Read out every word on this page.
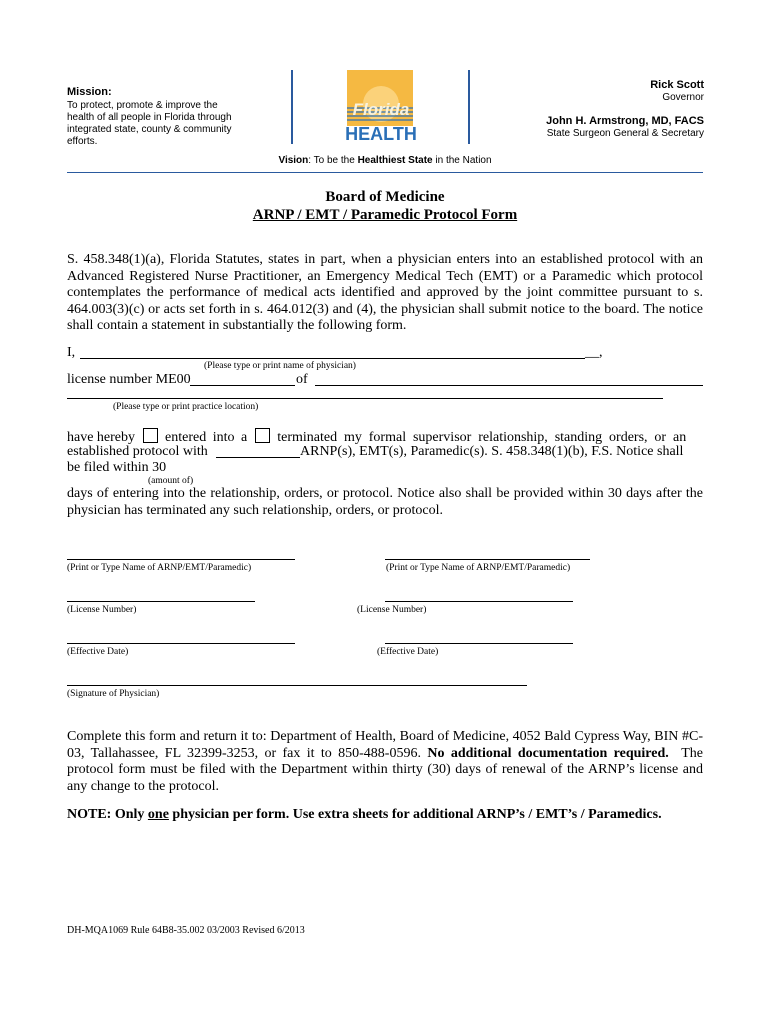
Mission:
To protect, promote & improve the health of all people in Florida through integrated state, county & community efforts.
Florida
HEALTH
Rick Scott
Governor
John H. Armstrong, MD, FACS
State Surgeon General & Secretary
Vision: To be the Healthiest State in the Nation
Board of Medicine
ARNP / EMT / Paramedic Protocol Form
S. 458.348(1)(a), Florida Statutes, states in part, when a physician enters into an established protocol with an Advanced Registered Nurse Practitioner, an Emergency Medical Tech (EMT) or a Paramedic which protocol contemplates the performance of medical acts identified and approved by the joint committee pursuant to s. 464.003(3)(c) or acts set forth in s. 464.012(3) and (4), the physician shall submit notice to the board. The notice shall contain a statement in substantially the following form.
I,	__,
(Please type or print name of physician)
license number ME00	of
(Please type or print practice location)
have hereby entered into a terminated my formal supervisor relationship, standing orders, or an
established protocol with	ARNP(s), EMT(s), Paramedic(s). S. 458.348(1)(b), F.S. Notice shall
be filed within 30
(amount of)
days of entering into the relationship, orders, or protocol. Notice also shall be provided within 30 days after the physician has terminated any such relationship, orders, or protocol.
(Print or Type Name of ARNP/EMT/Paramedic)	(Print or Type Name of ARNP/EMT/Paramedic)
(License Number)	(License Number)
(Effective Date)	(Effective Date)
(Signature of Physician)
Complete this form and return it to: Department of Health, Board of Medicine, 4052 Bald Cypress Way, BIN #C-03, Tallahassee, FL 32399-3253, or fax it to 850-488-0596. No additional documentation required. The protocol form must be filed with the Department within thirty (30) days of renewal of the ARNP’s license and any change to the protocol.
NOTE: Only one physician per form. Use extra sheets for additional ARNP’s / EMT’s / Paramedics.
DH-MQA1069 Rule 64B8-35.002 03/2003 Revised 6/2013
